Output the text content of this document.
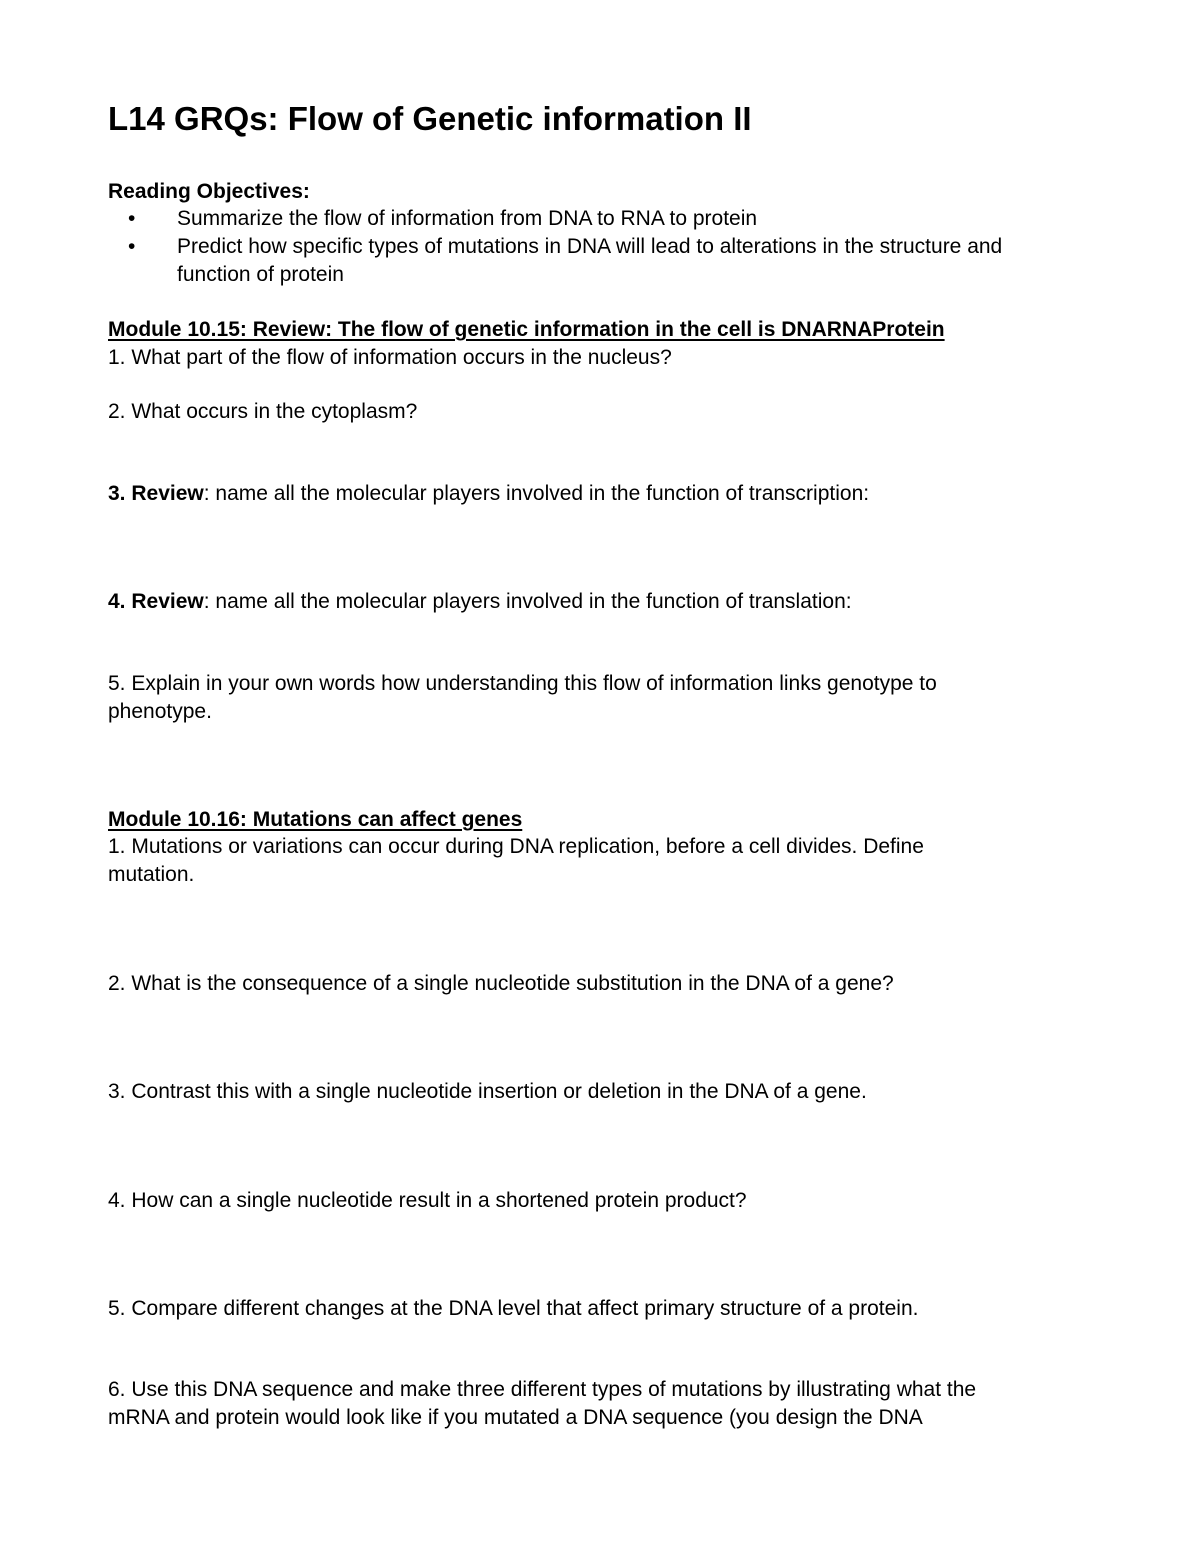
L14 GRQs: Flow of Genetic information II
Reading Objectives:
• Summarize the flow of information from DNA to RNA to protein
• Predict how specific types of mutations in DNA will lead to alterations in the structure and
function of protein
Module 10.15: Review: The flow of genetic information in the cell is DNARNAProtein
1. What part of the flow of information occurs in the nucleus?
2. What occurs in the cytoplasm?
3. Review: name all the molecular players involved in the function of transcription:
4. Review: name all the molecular players involved in the function of translation:
5. Explain in your own words how understanding this flow of information links genotype to
phenotype.
Module 10.16: Mutations can affect genes
1. Mutations or variations can occur during DNA replication, before a cell divides. Define
mutation.
2. What is the consequence of a single nucleotide substitution in the DNA of a gene?
3. Contrast this with a single nucleotide insertion or deletion in the DNA of a gene.
4. How can a single nucleotide result in a shortened protein product?
5. Compare different changes at the DNA level that affect primary structure of a protein.
6. Use this DNA sequence and make three different types of mutations by illustrating what the
mRNA and protein would look like if you mutated a DNA sequence (you design the DNA
